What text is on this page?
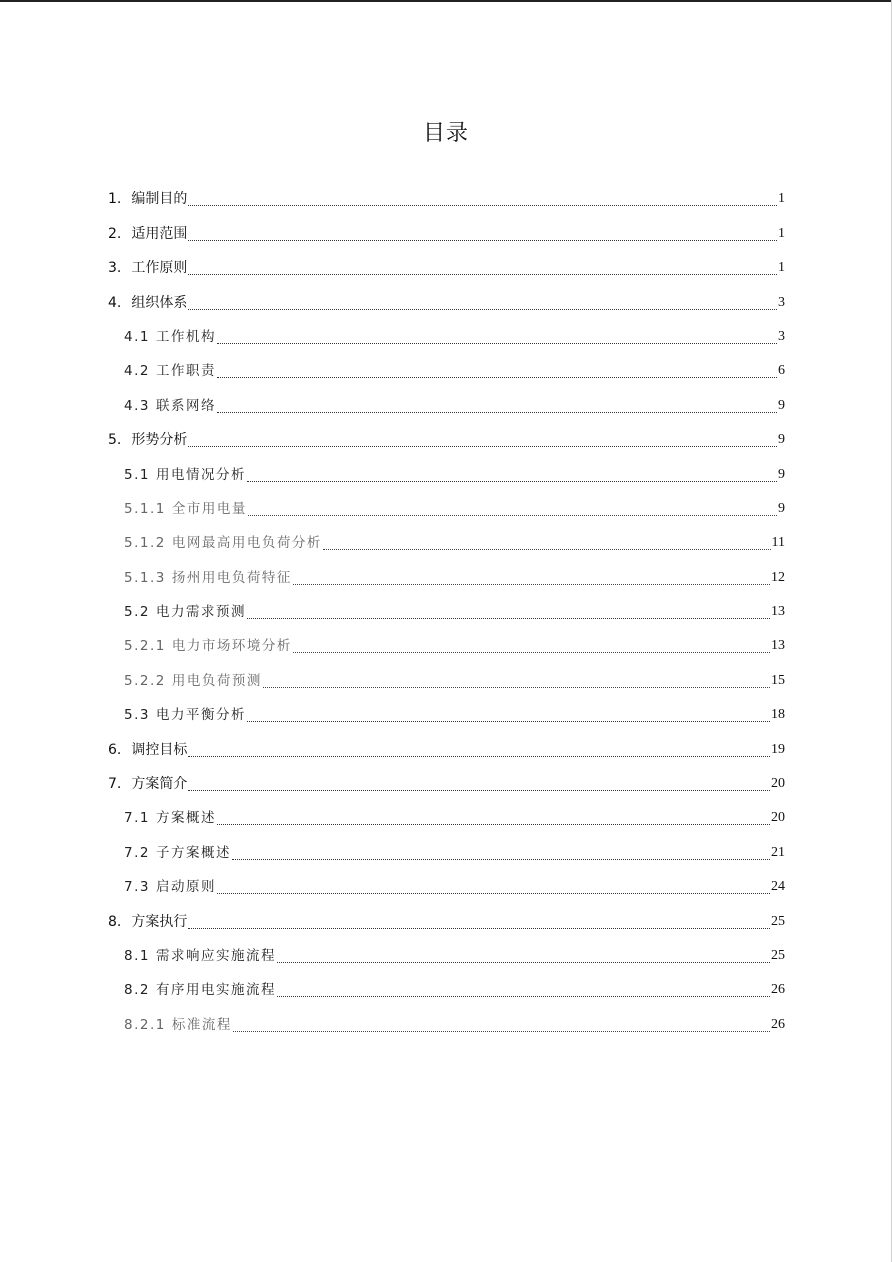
目录
1. 编制目的	1
2. 适用范围	1
3. 工作原则	1
4. 组织体系	3
4.1 工作机构	3
4.2 工作职责	6
4.3 联系网络	9
5. 形势分析	9
5.1 用电情况分析	9
5.1.1 全市用电量	9
5.1.2 电网最高用电负荷分析	11
5.1.3 扬州用电负荷特征	12
5.2 电力需求预测	13
5.2.1 电力市场环境分析	13
5.2.2 用电负荷预测	15
5.3 电力平衡分析	18
6. 调控目标	19
7. 方案简介	20
7.1 方案概述	20
7.2 子方案概述	21
7.3 启动原则	24
8. 方案执行	25
8.1 需求响应实施流程	25
8.2 有序用电实施流程	26
8.2.1 标准流程	26
